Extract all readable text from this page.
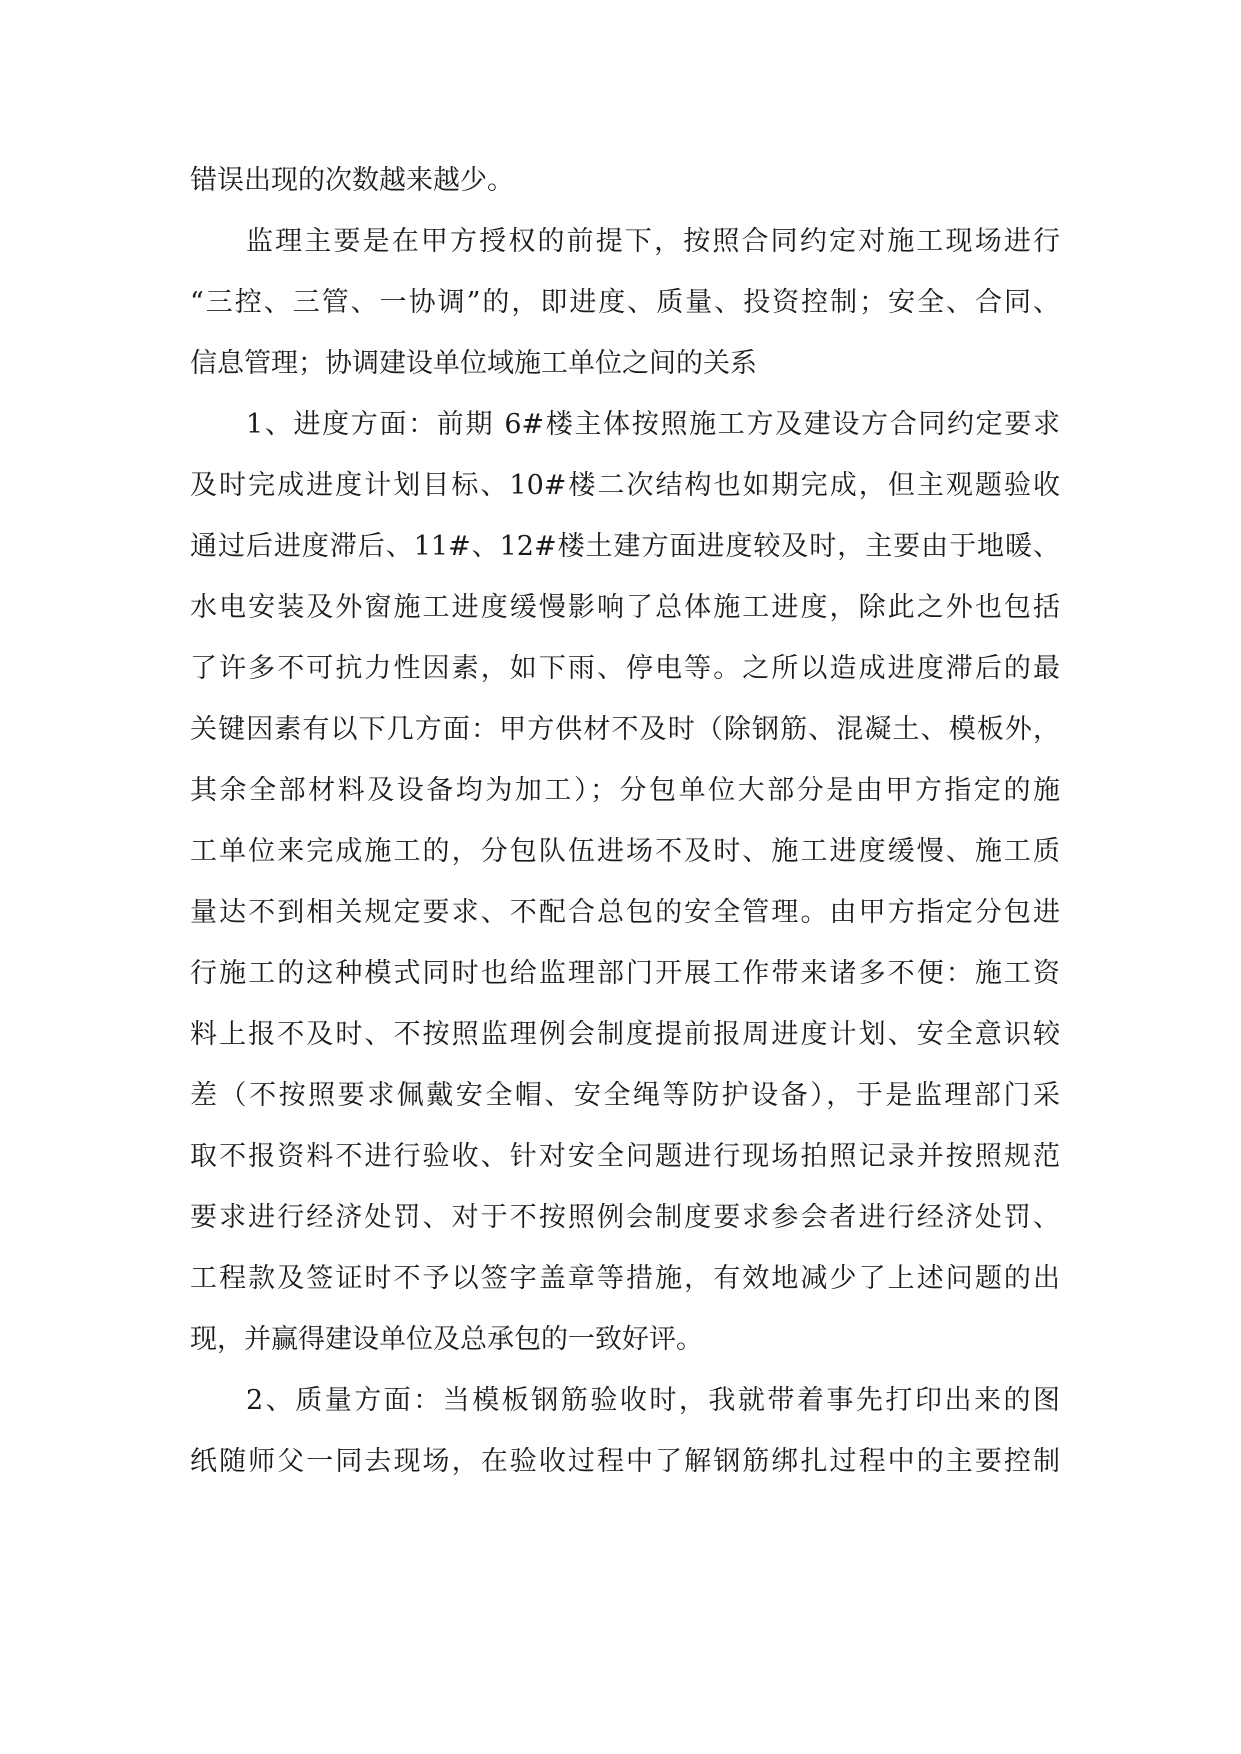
错误出现的次数越来越少。
监理主要是在甲方授权的前提下，按照合同约定对施工现场进行
“三控、三管、一协调”的，即进度、质量、投资控制；安全、合同、
信息管理；协调建设单位域施工单位之间的关系
1、进度方面：前期 6#楼主体按照施工方及建设方合同约定要求
及时完成进度计划目标、10#楼二次结构也如期完成，但主观题验收
通过后进度滞后、11#、12#楼土建方面进度较及时，主要由于地暖、
水电安装及外窗施工进度缓慢影响了总体施工进度，除此之外也包括
了许多不可抗力性因素，如下雨、停电等。之所以造成进度滞后的最
关键因素有以下几方面：甲方供材不及时（除钢筋、混凝土、模板外，
其余全部材料及设备均为加工）；分包单位大部分是由甲方指定的施
工单位来完成施工的，分包队伍进场不及时、施工进度缓慢、施工质
量达不到相关规定要求、不配合总包的安全管理。由甲方指定分包进
行施工的这种模式同时也给监理部门开展工作带来诸多不便：施工资
料上报不及时、不按照监理例会制度提前报周进度计划、安全意识较
差（不按照要求佩戴安全帽、安全绳等防护设备），于是监理部门采
取不报资料不进行验收、针对安全问题进行现场拍照记录并按照规范
要求进行经济处罚、对于不按照例会制度要求参会者进行经济处罚、
工程款及签证时不予以签字盖章等措施，有效地减少了上述问题的出
现，并赢得建设单位及总承包的一致好评。
2、质量方面：当模板钢筋验收时，我就带着事先打印出来的图
纸随师父一同去现场，在验收过程中了解钢筋绑扎过程中的主要控制
